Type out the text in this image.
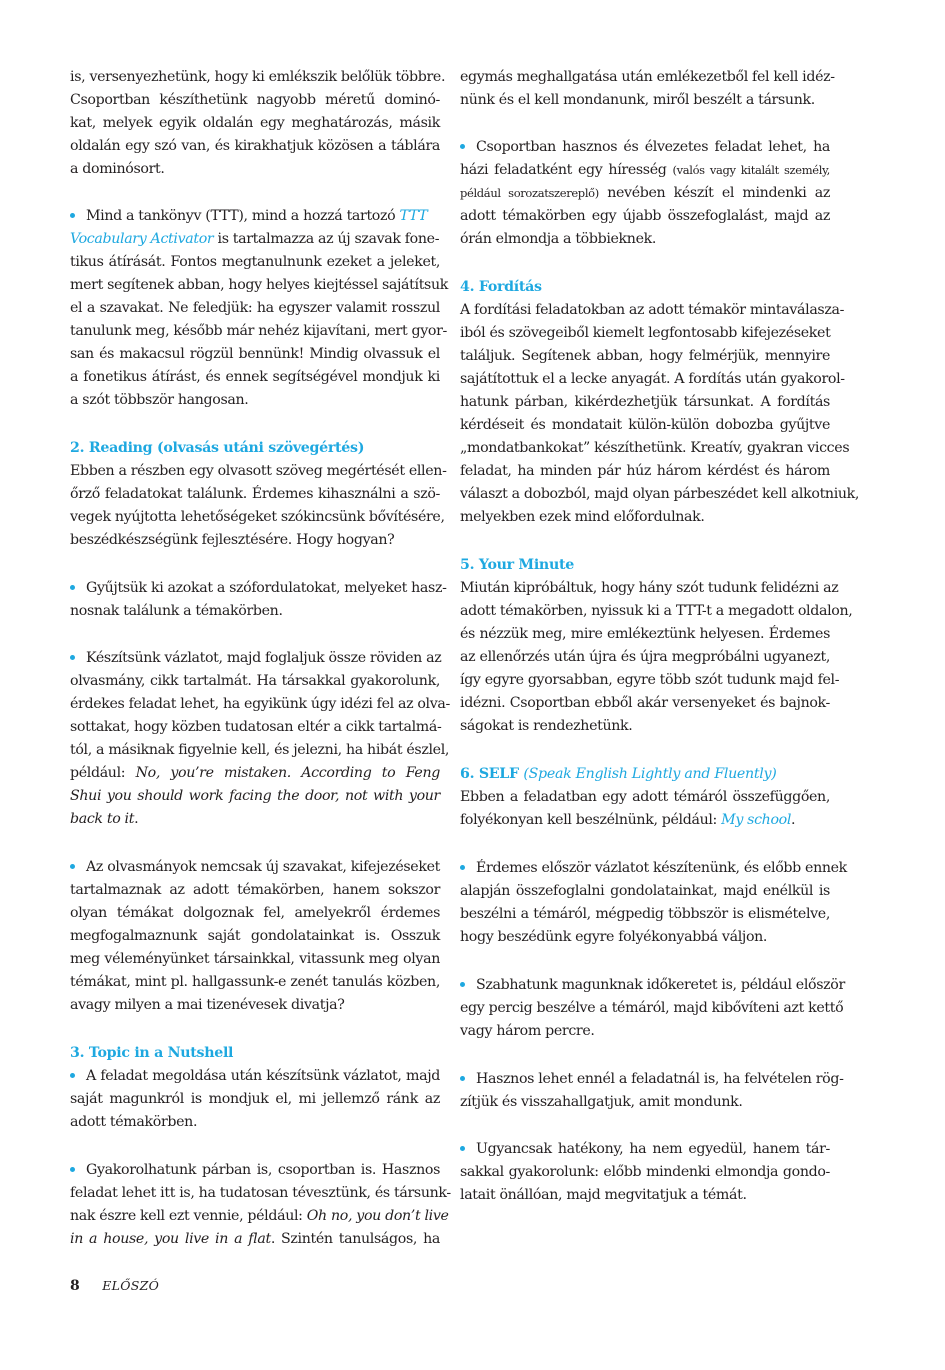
is, versenyezhetünk, hogy ki emlékszik belőlük többre.
Csoportban készíthetünk nagyobb méretű dominó-
kat, melyek egyik oldalán egy meghatározás, másik
oldalán egy szó van, és kirakhatjuk közösen a táblára
a dominósort.
Mind a tankönyv (TTT), mind a hozzá tartozó TTT
Vocabulary Activator is tartalmazza az új szavak fone-
tikus átírását. Fontos megtanulnunk ezeket a jeleket,
mert segítenek abban, hogy helyes kiejtéssel sajátítsuk
el a szavakat. Ne feledjük: ha egyszer valamit rosszul
tanulunk meg, később már nehéz kijavítani, mert gyor-
san és makacsul rögzül bennünk! Mindig olvassuk el
a fonetikus átírást, és ennek segítségével mondjuk ki
a szót többször hangosan.
2. Reading (olvasás utáni szövegértés)
Ebben a részben egy olvasott szöveg megértését ellen-
őrző feladatokat találunk. Érdemes kihasználni a szö-
vegek nyújtotta lehetőségeket szókincsünk bővítésére,
beszédkészségünk fejlesztésére. Hogy hogyan?
Gyűjtsük ki azokat a szófordulatokat, melyeket hasz-
nosnak találunk a témakörben.
Készítsünk vázlatot, majd foglaljuk össze röviden az
olvasmány, cikk tartalmát. Ha társakkal gyakorolunk,
érdekes feladat lehet, ha egyikünk úgy idézi fel az olva-
sottakat, hogy közben tudatosan eltér a cikk tartalmá-
tól, a másiknak figyelnie kell, és jelezni, ha hibát észlel,
például: No, you’re mistaken. According to Feng
Shui you should work facing the door, not with your
back to it.
Az olvasmányok nemcsak új szavakat, kifejezéseket
tartalmaznak az adott témakörben, hanem sokszor
olyan témákat dolgoznak fel, amelyekről érdemes
megfogalmaznunk saját gondolatainkat is. Osszuk
meg véleményünket társainkkal, vitassunk meg olyan
témákat, mint pl. hallgassunk-e zenét tanulás közben,
avagy milyen a mai tizenévesek divatja?
3. Topic in a Nutshell
A feladat megoldása után készítsünk vázlatot, majd
saját magunkról is mondjuk el, mi jellemző ránk az
adott témakörben.
Gyakorolhatunk párban is, csoportban is. Hasznos
feladat lehet itt is, ha tudatosan tévesztünk, és társunk-
nak észre kell ezt vennie, például: Oh no, you don’t live
in a house, you live in a flat. Szintén tanulságos, ha
egymás meghallgatása után emlékezetből fel kell idéz-
nünk és el kell mondanunk, miről beszélt a társunk.
Csoportban hasznos és élvezetes feladat lehet, ha
házi feladatként egy híresség (valós vagy kitalált személy,
például sorozatszereplő) nevében készít el mindenki az
adott témakörben egy újabb összefoglalást, majd az
órán elmondja a többieknek.
4. Fordítás
A fordítási feladatokban az adott témakör mintaválasza-
iból és szövegeiből kiemelt legfontosabb kifejezéseket
találjuk. Segítenek abban, hogy felmérjük, mennyire
sajátítottuk el a lecke anyagát. A fordítás után gyakorol-
hatunk párban, kikérdezhetjük társunkat. A fordítás
kérdéseit és mondatait külön-külön dobozba gyűjtve
„mondatbankokat” készíthetünk. Kreatív, gyakran vicces
feladat, ha minden pár húz három kérdést és három
választ a dobozból, majd olyan párbeszédet kell alkotniuk,
melyekben ezek mind előfordulnak.
5. Your Minute
Miután kipróbáltuk, hogy hány szót tudunk felidézni az
adott témakörben, nyissuk ki a TTT-t a megadott oldalon,
és nézzük meg, mire emlékeztünk helyesen. Érdemes
az ellenőrzés után újra és újra megpróbálni ugyanezt,
így egyre gyorsabban, egyre több szót tudunk majd fel-
idézni. Csoportban ebből akár versenyeket és bajnok-
ságokat is rendezhetünk.
6. SELF (Speak English Lightly and Fluently)
Ebben a feladatban egy adott témáról összefüggően,
folyékonyan kell beszélnünk, például: My school.
Érdemes először vázlatot készítenünk, és előbb ennek
alapján összefoglalni gondolatainkat, majd enélkül is
beszélni a témáról, mégpedig többször is elismételve,
hogy beszédünk egyre folyékonyabbá váljon.
Szabhatunk magunknak időkeretet is, például először
egy percig beszélve a témáról, majd kibővíteni azt kettő
vagy három percre.
Hasznos lehet ennél a feladatnál is, ha felvételen rög-
zítjük és visszahallgatjuk, amit mondunk.
Ugyancsak hatékony, ha nem egyedül, hanem tár-
sakkal gyakorolunk: előbb mindenki elmondja gondo-
latait önállóan, majd megvitatjuk a témát.
8 ELŐSZÓ
